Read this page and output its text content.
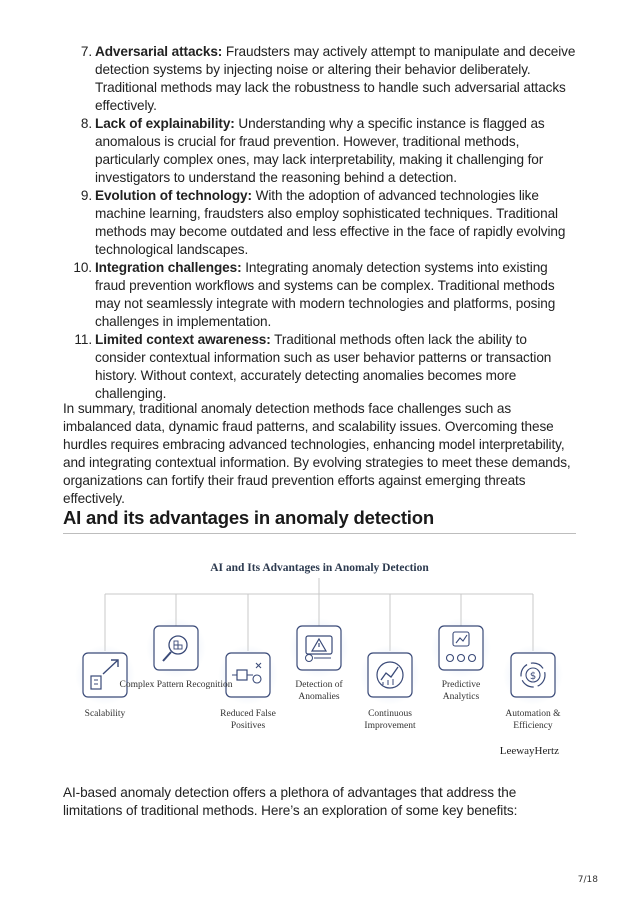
7. Adversarial attacks: Fraudsters may actively attempt to manipulate and deceive detection systems by injecting noise or altering their behavior deliberately. Traditional methods may lack the robustness to handle such adversarial attacks effectively.
8. Lack of explainability: Understanding why a specific instance is flagged as anomalous is crucial for fraud prevention. However, traditional methods, particularly complex ones, may lack interpretability, making it challenging for investigators to understand the reasoning behind a detection.
9. Evolution of technology: With the adoption of advanced technologies like machine learning, fraudsters also employ sophisticated techniques. Traditional methods may become outdated and less effective in the face of rapidly evolving technological landscapes.
10. Integration challenges: Integrating anomaly detection systems into existing fraud prevention workflows and systems can be complex. Traditional methods may not seamlessly integrate with modern technologies and platforms, posing challenges in implementation.
11. Limited context awareness: Traditional methods often lack the ability to consider contextual information such as user behavior patterns or transaction history. Without context, accurately detecting anomalies becomes more challenging.

In summary, traditional anomaly detection methods face challenges such as imbalanced data, dynamic fraud patterns, and scalability issues. Overcoming these hurdles requires embracing advanced technologies, enhancing model interpretability, and integrating contextual information. By evolving strategies to meet these demands, organizations can fortify their fraud prevention efforts against emerging threats effectively.

AI and its advantages in anomaly detection
$
AI and Its Advantages in Anomaly Detection
Scalability
Complex Pattern Recognition
Reduced False Positives
Detection of Anomalies
Continuous Improvement
Predictive Analytics
Automation & Efficiency
LeewayHertz

AI-based anomaly detection offers a plethora of advantages that address the limitations of traditional methods. Here’s an exploration of some key benefits:

7/18
